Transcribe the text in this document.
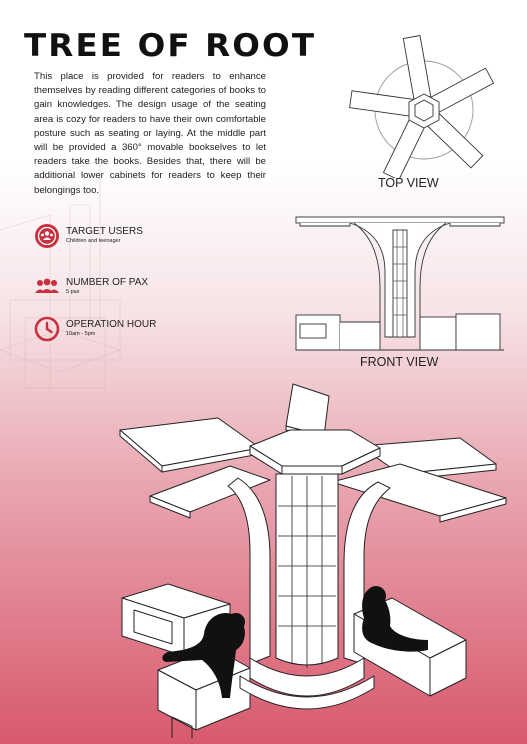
TREE OF ROOT
This place is provided for readers to enhance themselves by reading different categories of books to gain knowledges. The design usage of the seating area is cozy for readers to have their own comfortable posture such as seating or laying. At the middle part will be provided a 360° movable bookselves to let readers take the books. Besides that, there will be additional lower cabinets for readers to keep their belongings too.
TARGET USERS
Children and teenager
NUMBER OF PAX
5 pax
OPERATION HOUR
10am - 5pm
TOP VIEW
FRONT VIEW
